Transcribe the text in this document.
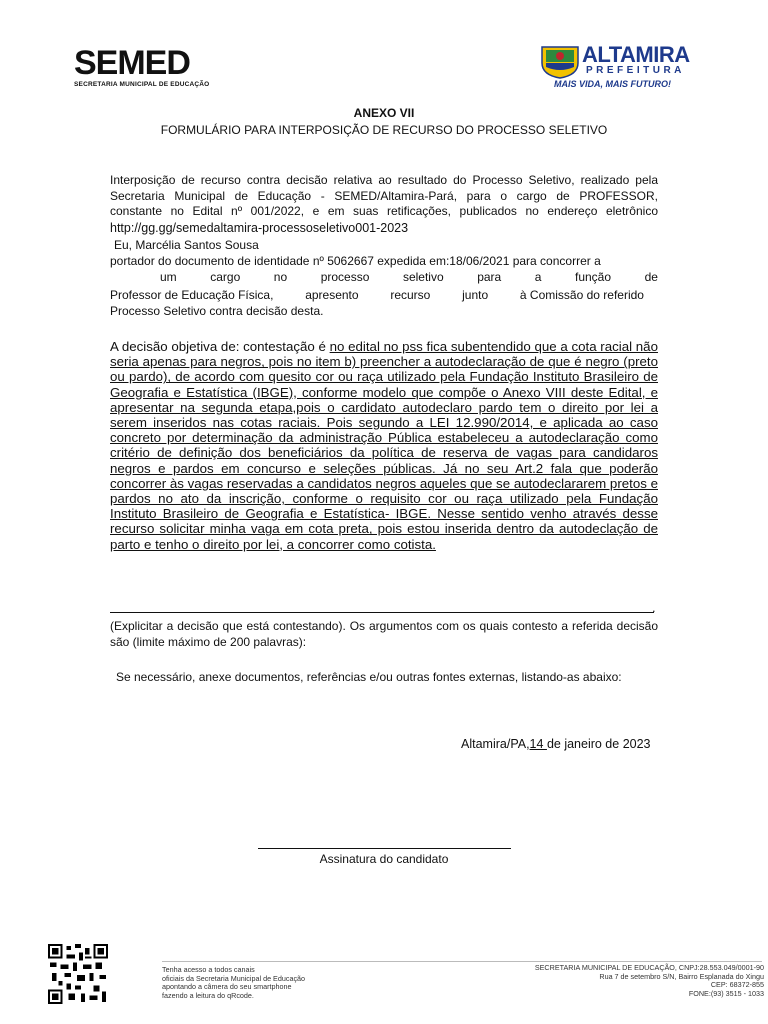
SEMED
SECRETARIA MUNICIPAL DE EDUCAÇÃO
ALTAMIRA
PREFEITURA
MAIS VIDA, MAIS FUTURO!
ANEXO VII
FORMULÁRIO PARA INTERPOSIÇÃO DE RECURSO DO PROCESSO SELETIVO
Interposição de recurso contra decisão relativa ao resultado do Processo Seletivo, realizado pela
Secretaria Municipal de Educação - SEMED/Altamira-Pará, para o cargo de PROFESSOR,
constante no Edital nº 001/2022, e em suas retificações, publicados no endereço eletrônico
http://gg.gg/semedaltamira-processoseletivo001-2023
Eu, Marcélia Santos Sousa
portador do documento de identidade nº 5062667 expedida em:18/06/2021 para concorrer a
um	cargo	no	processo	seletivo	para	a	função	de
Professor de Educação Física,	apresento	recurso	junto	à Comissão do referido
Processo Seletivo contra decisão desta.
A decisão objetiva de: contestação é no edital no pss fica subentendido que a cota racial não seria apenas para negros, pois no item b) preencher a autodeclaração de que é negro (preto ou pardo), de acordo com quesito cor ou raça utilizado pela Fundação Instituto Brasileiro de Geografia e Estatística (IBGE), conforme modelo que compõe o Anexo VIII deste Edital, e apresentar na segunda etapa,pois o cardidato autodeclaro pardo tem o direito por lei a serem inseridos nas cotas raciais. Pois segundo a LEI 12.990/2014, e aplicada ao caso concreto por determinação da administração Pública estabeleceu a autodeclaração como critério de definição dos beneficiários da política de reserva de vagas para candidaros negros e pardos em concurso e seleções públicas. Já no seu Art.2 fala que poderão concorrer às vagas reservadas a candidatos negros aqueles que se autodeclararem pretos e pardos no ato da inscrição, conforme o requisito cor ou raça utilizado pela Fundação Instituto Brasileiro de Geografia e Estatística- IBGE. Nesse sentido venho através desse recurso solicitar minha vaga em cota preta, pois estou inserida dentro da autodeclação de parto e tenho o direito por lei, a concorrer como cotista.
.
(Explicitar a decisão que está contestando). Os argumentos com os quais contesto a referida decisão são (limite máximo de 200 palavras):
Se necessário, anexe documentos, referências e/ou outras fontes externas, listando-as abaixo:
Altamira/PA,14 de janeiro de 2023
Assinatura do candidato
Tenha acesso a todos canais
oficiais da Secretaria Municipal de Educação
apontando a câmera do seu smartphone
fazendo a leitura do qRcode.
SECRETARIA MUNICIPAL DE EDUCAÇÃO, CNPJ:28.553.049/0001-90
Rua 7 de setembro S/N, Bairro Esplanada do Xingu
CEP: 68372-855
FONE:(93) 3515 - 1033
